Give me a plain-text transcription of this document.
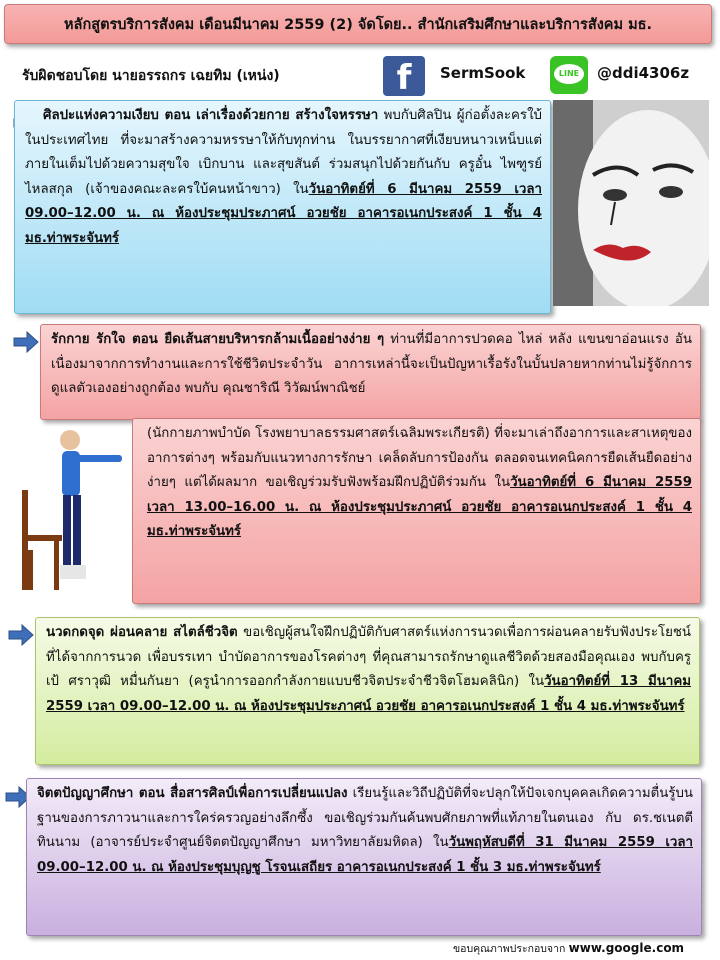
หลักสูตรบริการสังคม เดือนมีนาคม 2559 (2) จัดโดย.. สำนักเสริมศึกษาและบริการสังคม มธ.
รับผิดชอบโดย นายอรรถกร เฉยทิม (เหน่ง)	f	SermSook	LINE	@ddi4306z
ศิลปะแห่งความเงียบ ตอน เล่าเรื่องด้วยกาย สร้างใจหรรษา พบกับศิลปิน ผู้ก่อตั้งละครใบ้ในประเทศไทย ที่จะมาสร้างความหรรษาให้กับทุกท่าน ในบรรยากาศที่เงียบหนาวเหน็บแต่ภายในเต็มไปด้วยความสุขใจ เบิกบาน และสุขสันต์ ร่วมสนุกไปด้วยกันกับ ครูอั๋น ไพฑูรย์ ไหลสกุล (เจ้าของคณะละครใบ้คนหน้าขาว) ในวันอาทิตย์ที่ 6 มีนาคม 2559 เวลา 09.00–12.00 น. ณ ห้องประชุมประภาศน์ อวยชัย อาคารอเนกประสงค์ 1 ชั้น 4 มธ.ท่าพระจันทร์
รักกาย รักใจ ตอน ยืดเส้นสายบริหารกล้ามเนื้ออย่างง่าย ๆ ท่านที่มีอาการปวดคอ ไหล่ หลัง แขนขาอ่อนแรง อันเนื่องมาจากการทำงานและการใช้ชีวิตประจำวัน อาการเหล่านี้จะเป็นปัญหาเรื้อรังในบั้นปลายหากท่านไม่รู้จักการดูแลตัวเองอย่างถูกต้อง พบกับ คุณชาริณี วิวัฒน์พาณิชย์
(นักกายภาพบำบัด โรงพยาบาลธรรมศาสตร์เฉลิมพระเกียรติ) ที่จะมาเล่าถึงอาการและสาเหตุของอาการต่างๆ พร้อมกับแนวทางการรักษา เคล็ดลับการป้องกัน ตลอดจนเทคนิคการยืดเส้นยืดอย่างง่ายๆ แต่ได้ผลมาก ขอเชิญร่วมรับฟังพร้อมฝึกปฏิบัติร่วมกัน ในวันอาทิตย์ที่ 6 มีนาคม 2559 เวลา 13.00–16.00 น. ณ ห้องประชุมประภาศน์ อวยชัย อาคารอเนกประสงค์ 1 ชั้น 4 มธ.ท่าพระจันทร์
นวดกดจุด ผ่อนคลาย สไตล์ชีวจิต ขอเชิญผู้สนใจฝึกปฏิบัติกับศาสตร์แห่งการนวดเพื่อการผ่อนคลายรับฟังประโยชน์ที่ได้จากการนวด เพื่อบรรเทา บำบัดอาการของโรคต่างๆ ที่คุณสามารถรักษาดูแลชีวิตด้วยสองมือคุณเอง พบกับครูเป้ ศราวุฒิ หมื่นกันยา (ครูนำการออกกำลังกายแบบชีวจิตประจำชีวจิตโฮมคลินิก) ในวันอาทิตย์ที่ 13 มีนาคม 2559 เวลา 09.00–12.00 น. ณ ห้องประชุมประภาศน์ อวยชัย อาคารอเนกประสงค์ 1 ชั้น 4 มธ.ท่าพระจันทร์
จิตตปัญญาศึกษา ตอน สื่อสารศิลป์เพื่อการเปลี่ยนแปลง เรียนรู้และวิถีปฏิบัติที่จะปลุกให้ปัจเจกบุคคลเกิดความตื่นรู้บนฐานของการภาวนาและการใคร่ครวญอย่างลึกซึ้ง ขอเชิญร่วมกันค้นพบศักยภาพที่แท้ภายในตนเอง กับ ดร.ชเนตตี ทินนาม (อาจารย์ประจำศูนย์จิตตปัญญาศึกษา มหาวิทยาลัยมหิดล) ในวันพฤหัสบดีที่ 31 มีนาคม 2559 เวลา 09.00–12.00 น. ณ ห้องประชุมบุญชู โรจนเสถียร อาคารอเนกประสงค์ 1 ชั้น 3 มธ.ท่าพระจันทร์
ขอบคุณภาพประกอบจาก www.google.com
